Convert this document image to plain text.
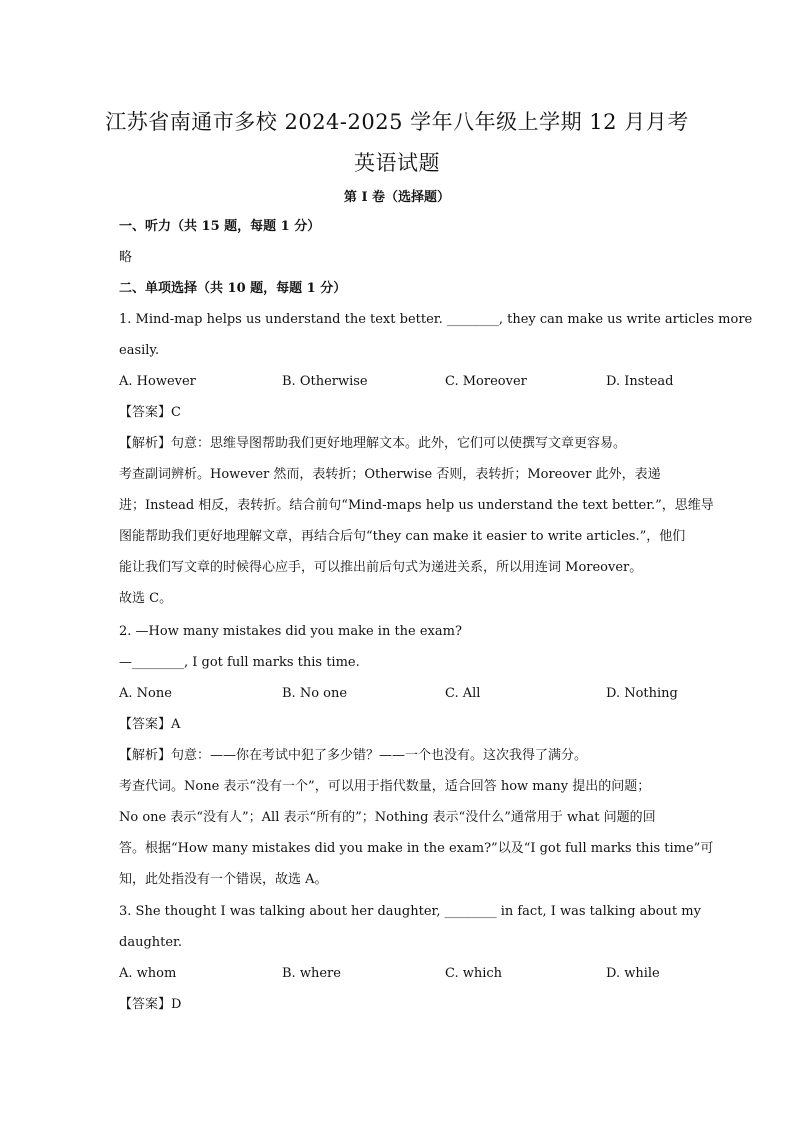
江苏省南通市多校 2024-2025 学年八年级上学期 12 月月考
英语试题
第 I 卷（选择题）
一、听力（共 15 题，每题 1 分）
略
二、单项选择（共 10 题，每题 1 分）
1. Mind-map helps us understand the text better. ________, they can make us write articles more
easily.
A. However	B. Otherwise	C. Moreover	D. Instead
【答案】C
【解析】句意：思维导图帮助我们更好地理解文本。此外，它们可以使撰写文章更容易。
考查副词辨析。However 然而，表转折；Otherwise 否则，表转折；Moreover 此外，表递
进；Instead 相反，表转折。结合前句“Mind-maps help us understand the text better.”，思维导
图能帮助我们更好地理解文章，再结合后句“they can make it easier to write articles.”，他们
能让我们写文章的时候得心应手，可以推出前后句式为递进关系，所以用连词 Moreover。
故选 C。
2. —How many mistakes did you make in the exam?
—________, I got full marks this time.
A. None	B. No one	C. All	D. Nothing
【答案】A
【解析】句意：——你在考试中犯了多少错？——一个也没有。这次我得了满分。
考查代词。None 表示“没有一个”，可以用于指代数量，适合回答 how many 提出的问题；
No one 表示“没有人”；All 表示“所有的”；Nothing 表示“没什么”通常用于 what 问题的回
答。根据“How many mistakes did you make in the exam?”以及“I got full marks this time”可
知，此处指没有一个错误，故选 A。
3. She thought I was talking about her daughter, ________ in fact, I was talking about my
daughter.
A. whom	B. where	C. which	D. while
【答案】D
